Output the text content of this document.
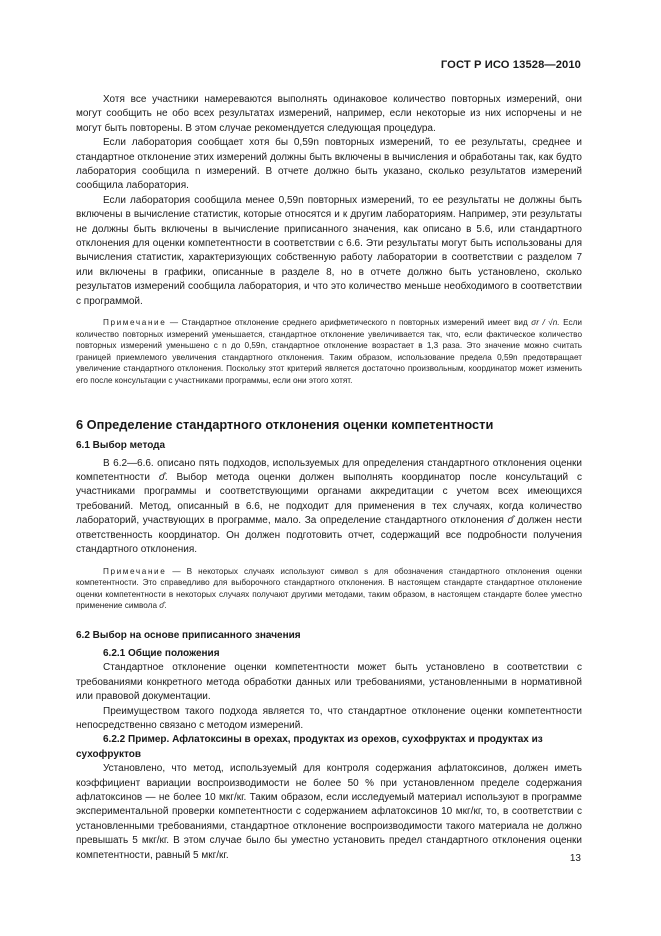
ГОСТ Р ИСО 13528—2010

Хотя все участники намереваются выполнять одинаковое количество повторных измерений, они могут сообщить не обо всех результатах измерений, например, если некоторые из них испорчены и не могут быть повторены. В этом случае рекомендуется следующая процедура.

Если лаборатория сообщает хотя бы 0,59n повторных измерений, то ее результаты, среднее и стандартное отклонение этих измерений должны быть включены в вычисления и обработаны так, как будто лаборатория сообщила n измерений. В отчете должно быть указано, сколько результатов измерений сообщила лаборатория.

Если лаборатория сообщила менее 0,59n повторных измерений, то ее результаты не должны быть включены в вычисление статистик, которые относятся и к другим лабораториям. Например, эти результаты не должны быть включены в вычисление приписанного значения, как описано в 5.6, или стандартного отклонения для оценки компетентности в соответствии с 6.6. Эти результаты могут быть использованы для вычисления статистик, характеризующих собственную работу лаборатории в соответствии с разделом 7 или включены в графики, описанные в разделе 8, но в отчете должно быть установлено, сколько результатов измерений сообщила лаборатория, и что это количество меньше необходимого в соответствии с программой.

Примечание — Стандартное отклонение среднего арифметического n повторных измерений имеет вид σr / √n. Если количество повторных измерений уменьшается, стандартное отклонение увеличивается так, что, если фактическое количество повторных измерений уменьшено с n до 0,59n, стандартное отклонение возрастает в 1,3 раза. Это значение можно считать границей приемлемого увеличения стандартного отклонения. Таким образом, использование предела 0,59n предотвращает увеличение стандартного отклонения. Поскольку этот критерий является достаточно произвольным, координатор может изменить его после консультации с участниками программы, если они этого хотят.

6 Определение стандартного отклонения оценки компетентности
6.1 Выбор метода

В 6.2—6.6. описано пять подходов, используемых для определения стандартного отклонения оценки компетентности σ̂. Выбор метода оценки должен выполнять координатор после консультаций с участниками программы и соответствующими органами аккредитации с учетом всех имеющихся требований. Метод, описанный в 6.6, не подходит для применения в тех случаях, когда количество лабораторий, участвующих в программе, мало. За определение стандартного отклонения σ̂ должен нести ответственность координатор. Он должен подготовить отчет, содержащий все подробности получения стандартного отклонения.

Примечание — В некоторых случаях используют символ s для обозначения стандартного отклонения оценки компетентности. Это справедливо для выборочного стандартного отклонения. В настоящем стандарте стандартное отклонение оценки компетентности в некоторых случаях получают другими методами, таким образом, в настоящем стандарте более уместно применение символа σ̂.

6.2 Выбор на основе приписанного значения

6.2.1 Общие положения

Стандартное отклонение оценки компетентности может быть установлено в соответствии с требованиями конкретного метода обработки данных или требованиями, установленными в нормативной или правовой документации.

Преимуществом такого подхода является то, что стандартное отклонение оценки компетентности непосредственно связано с методом измерений.

6.2.2 Пример. Афлатоксины в орехах, продуктах из орехов, сухофруктах и продуктах из сухофруктов

Установлено, что метод, используемый для контроля содержания афлатоксинов, должен иметь коэффициент вариации воспроизводимости не более 50 % при установленном пределе содержания афлатоксинов — не более 10 мкг/кг. Таким образом, если исследуемый материал используют в программе экспериментальной проверки компетентности с содержанием афлатоксинов 10 мкг/кг, то, в соответствии с установленными требованиями, стандартное отклонение воспроизводимости такого материала не должно превышать 5 мкг/кг. В этом случае было бы уместно установить предел стандартного отклонения оценки компетентности, равный 5 мкг/кг.	13
